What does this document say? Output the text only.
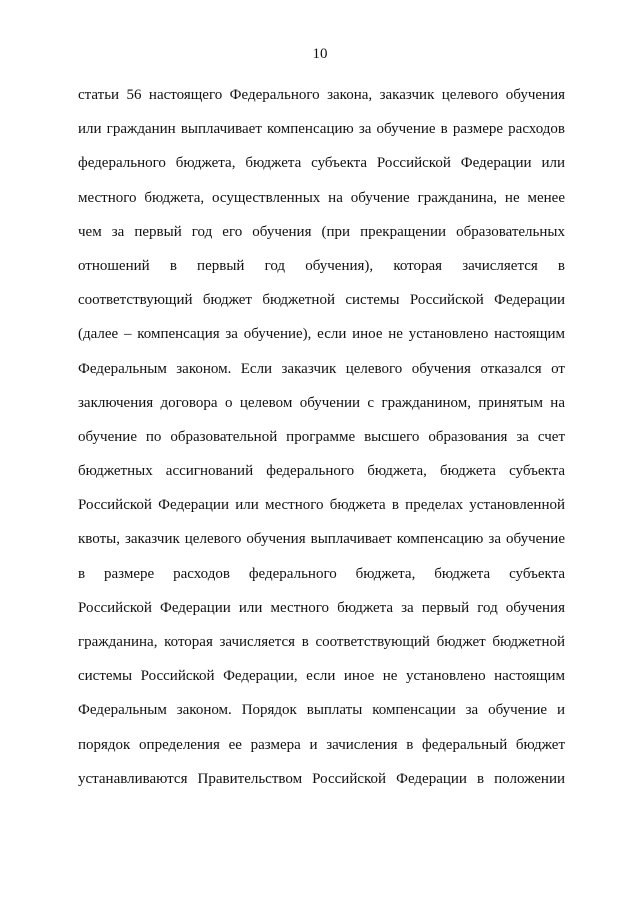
10
статьи 56 настоящего Федерального закона, заказчик целевого обучения
или гражданин выплачивает компенсацию за обучение в размере расходов
федерального бюджета, бюджета субъекта Российской Федерации или
местного бюджета, осуществленных на обучение гражданина, не менее
чем за первый год его обучения (при прекращении образовательных
отношений в первый год обучения), которая зачисляется в
соответствующий бюджет бюджетной системы Российской Федерации
(далее – компенсация за обучение), если иное не установлено настоящим
Федеральным законом. Если заказчик целевого обучения отказался от
заключения договора о целевом обучении с гражданином, принятым на
обучение по образовательной программе высшего образования за счет
бюджетных ассигнований федерального бюджета, бюджета субъекта
Российской Федерации или местного бюджета в пределах установленной
квоты, заказчик целевого обучения выплачивает компенсацию за обучение
в размере расходов федерального бюджета, бюджета субъекта
Российской Федерации или местного бюджета за первый год обучения
гражданина, которая зачисляется в соответствующий бюджет бюджетной
системы Российской Федерации, если иное не установлено настоящим
Федеральным законом. Порядок выплаты компенсации за обучение и
порядок определения ее размера и зачисления в федеральный бюджет
устанавливаются Правительством Российской Федерации в положении
